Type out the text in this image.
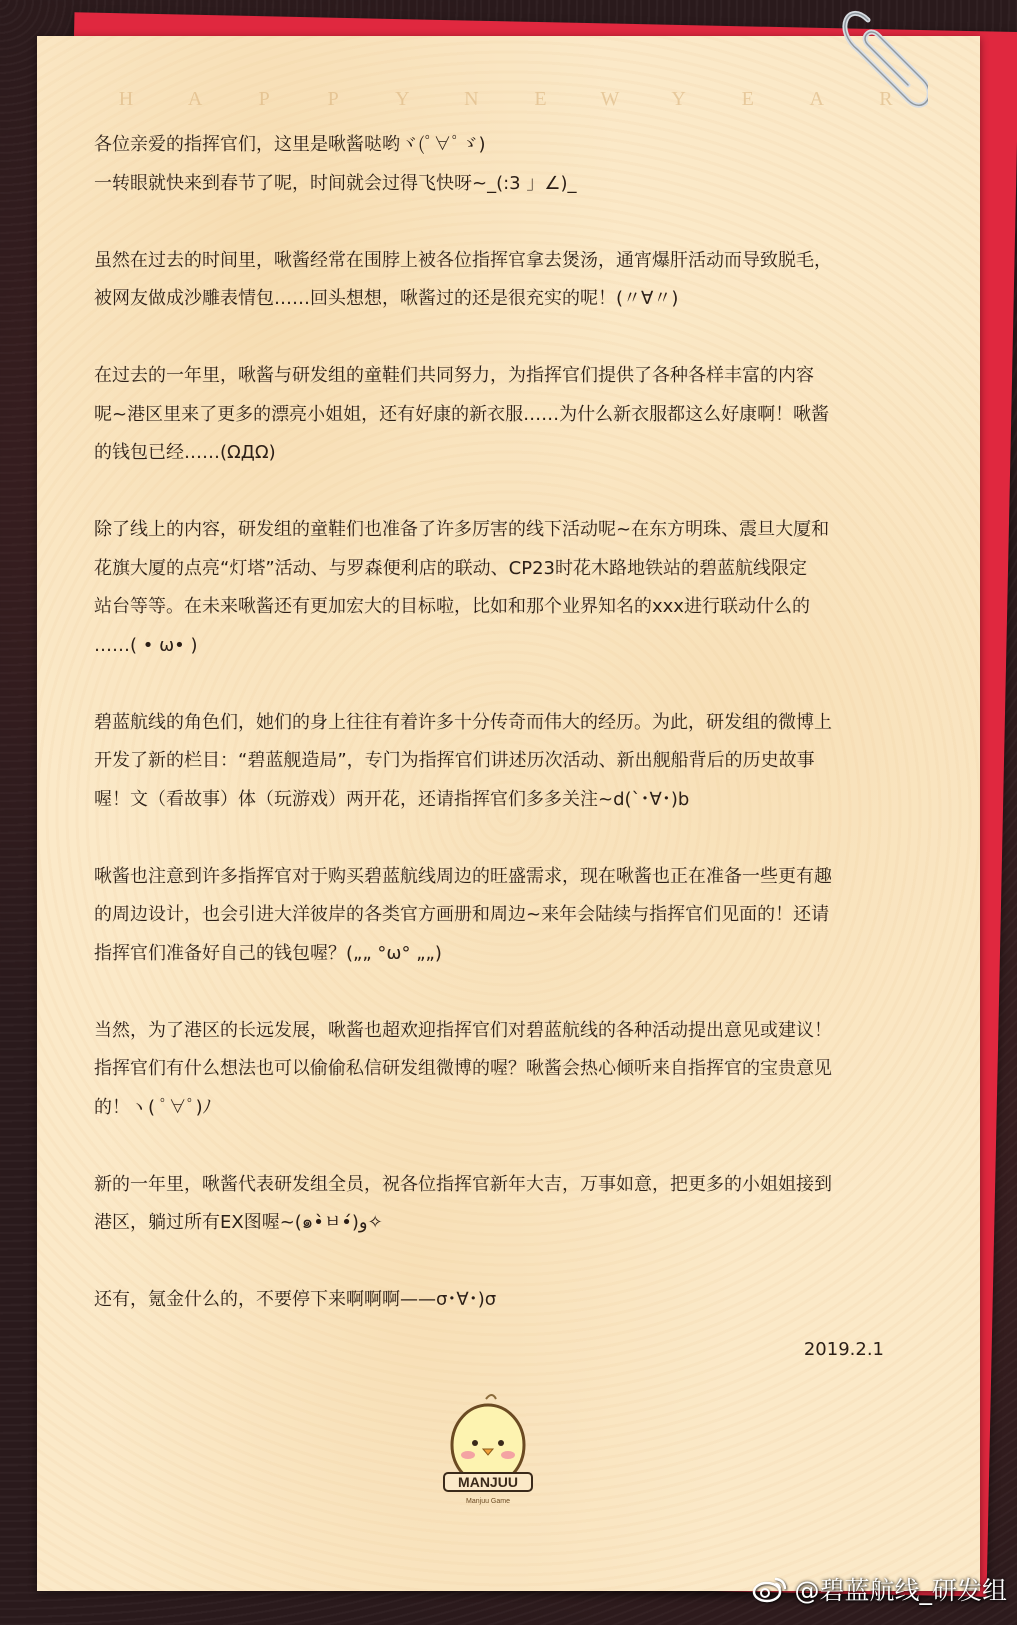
H	A	P	P	Y	N	E	W Y	E	A	R

各位亲爱的指挥官们，这里是啾酱哒哟ヾ(ﾟ∀ﾟゞ)
一转眼就快来到春节了呢，时间就会过得飞快呀~_(:3 」∠)_

虽然在过去的时间里，啾酱经常在围脖上被各位指挥官拿去煲汤，通宵爆肝活动而导致脱毛，
被网友做成沙雕表情包……回头想想，啾酱过的还是很充实的呢！(〃∀〃)

在过去的一年里，啾酱与研发组的童鞋们共同努力，为指挥官们提供了各种各样丰富的内容
呢~港区里来了更多的漂亮小姐姐，还有好康的新衣服……为什么新衣服都这么好康啊！啾酱
的钱包已经……(ΩДΩ)

除了线上的内容，研发组的童鞋们也准备了许多厉害的线下活动呢~在东方明珠、震旦大厦和
花旗大厦的点亮“灯塔”活动、与罗森便利店的联动、CP23时花木路地铁站的碧蓝航线限定
站台等等。在未来啾酱还有更加宏大的目标啦，比如和那个业界知名的xxx进行联动什么的
……( • ω• )

碧蓝航线的角色们，她们的身上往往有着许多十分传奇而伟大的经历。为此，研发组的微博上
开发了新的栏目：“碧蓝舰造局”，专门为指挥官们讲述历次活动、新出舰船背后的历史故事
喔！文（看故事）体（玩游戏）两开花，还请指挥官们多多关注~d(`･∀･)b

啾酱也注意到许多指挥官对于购买碧蓝航线周边的旺盛需求，现在啾酱也正在准备一些更有趣
的周边设计，也会引进大洋彼岸的各类官方画册和周边~来年会陆续与指挥官们见面的！还请
指挥官们准备好自己的钱包喔？(„„ °ω° „„)

当然，为了港区的长远发展，啾酱也超欢迎指挥官们对碧蓝航线的各种活动提出意见或建议！
指挥官们有什么想法也可以偷偷私信研发组微博的喔？啾酱会热心倾听来自指挥官的宝贵意见
的！ヽ( ﾟ∀ﾟ)ﾉ

新的一年里，啾酱代表研发组全员，祝各位指挥官新年大吉，万事如意，把更多的小姐姐接到
港区，躺过所有EX图喔~(๑•̀ㅂ•́)و✧

还有，氪金什么的，不要停下来啊啊啊——σ･∀･)σ

2019.2.1
MANJUU
Manjuu Game
@碧蓝航线_研发组
